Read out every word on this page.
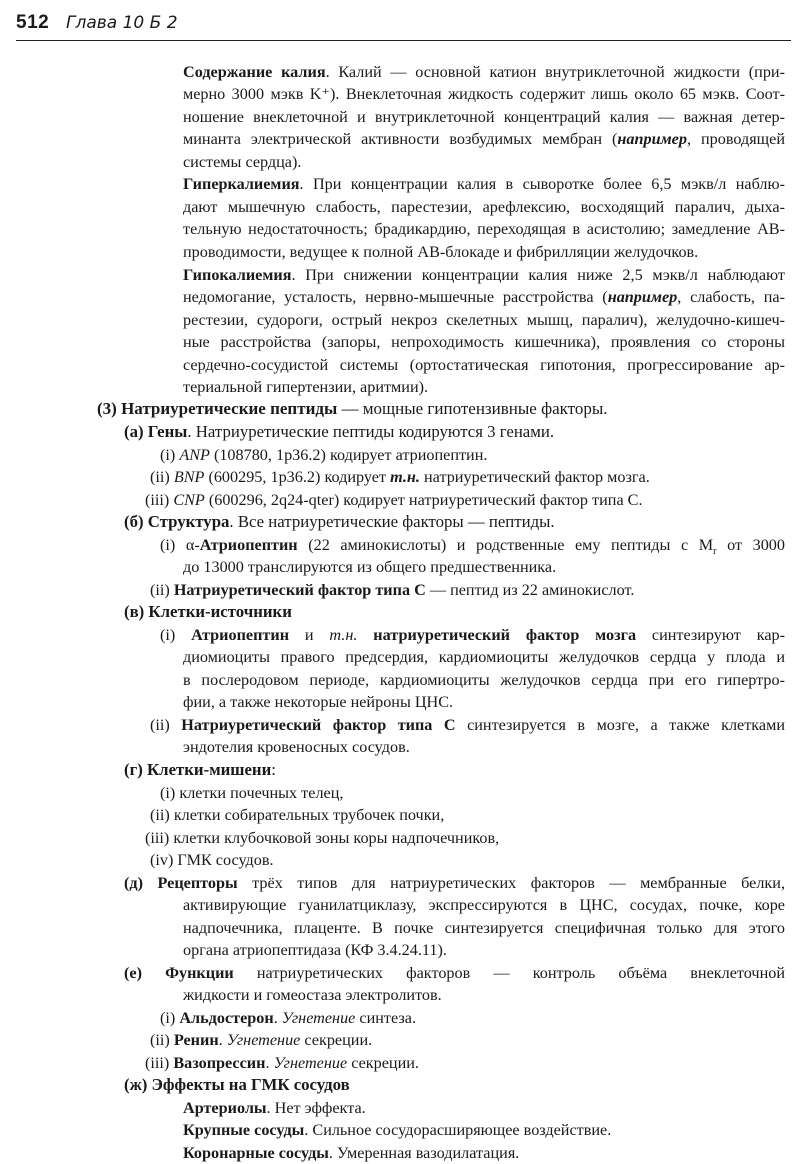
512 Глава 10 Б 2
Содержание калия. Калий — основной катион внутриклеточной жидкости (при-
мерно 3000 мэкв K⁺). Внеклеточная жидкость содержит лишь около 65 мэкв. Соот-
ношение внеклеточной и внутриклеточной концентраций калия — важная детер-
минанта электрической активности возбудимых мембран (например, проводящей
системы сердца).
Гиперкалиемия. При концентрации калия в сыворотке более 6,5 мэкв/л наблю-
дают мышечную слабость, парестезии, арефлексию, восходящий паралич, дыха-
тельную недостаточность; брадикардию, переходящая в асистолию; замедление АВ-
проводимости, ведущее к полной АВ-блокаде и фибрилляции желудочков.
Гипокалиемия. При снижении концентрации калия ниже 2,5 мэкв/л наблюдают
недомогание, усталость, нервно-мышечные расстройства (например, слабость, па-
рестезии, судороги, острый некроз скелетных мышц, паралич), желудочно-кишеч-
ные расстройства (запоры, непроходимость кишечника), проявления со стороны
сердечно-сосудистой системы (ортостатическая гипотония, прогрессирование ар-
териальной гипертензии, аритмии).
(3) Натриуретические пептиды — мощные гипотензивные факторы.
(а) Гены. Натриуретические пептиды кодируются 3 генами.
(i) ANP (108780, 1p36.2) кодирует атриопептин.
(ii) BNP (600295, 1p36.2) кодирует т.н. натриуретический фактор мозга.
(iii) CNP (600296, 2q24-qter) кодирует натриуретический фактор типа С.
(б) Структура. Все натриуретические факторы — пептиды.
(i) α-Атриопептин (22 аминокислоты) и родственные ему пептиды с $M_r$ от 3000
до 13000 транслируются из общего предшественника.
(ii) Натриуретический фактор типа С — пептид из 22 аминокислот.
(в) Клетки-источники
(i) Атриопептин и т.н. натриуретический фактор мозга синтезируют кар-
диомиоциты правого предсердия, кардиомиоциты желудочков сердца у плода и
в послеродовом периоде, кардиомиоциты желудочков сердца при его гипертро-
фии, а также некоторые нейроны ЦНС.
(ii) Натриуретический фактор типа С синтезируется в мозге, а также клетками
эндотелия кровеносных сосудов.
(г) Клетки-мишени:
(i) клетки почечных телец,
(ii) клетки собирательных трубочек почки,
(iii) клетки клубочковой зоны коры надпочечников,
(iv) ГМК сосудов.
(д) Рецепторы трёх типов для натриуретических факторов — мембранные белки,
активирующие гуанилатциклазу, экспрессируются в ЦНС, сосудах, почке, коре
надпочечника, плаценте. В почке синтезируется специфичная только для этого
органа атриопептидаза (КФ 3.4.24.11).
(е) Функции натриуретических факторов — контроль объёма внеклеточной
жидкости и гомеостаза электролитов.
(i) Альдостерон. Угнетение синтеза.
(ii) Ренин. Угнетение секреции.
(iii) Вазопрессин. Угнетение секреции.
(ж) Эффекты на ГМК сосудов
Артериолы. Нет эффекта.
Крупные сосуды. Сильное сосудорасширяющее воздействие.
Коронарные сосуды. Умеренная вазодилатация.
